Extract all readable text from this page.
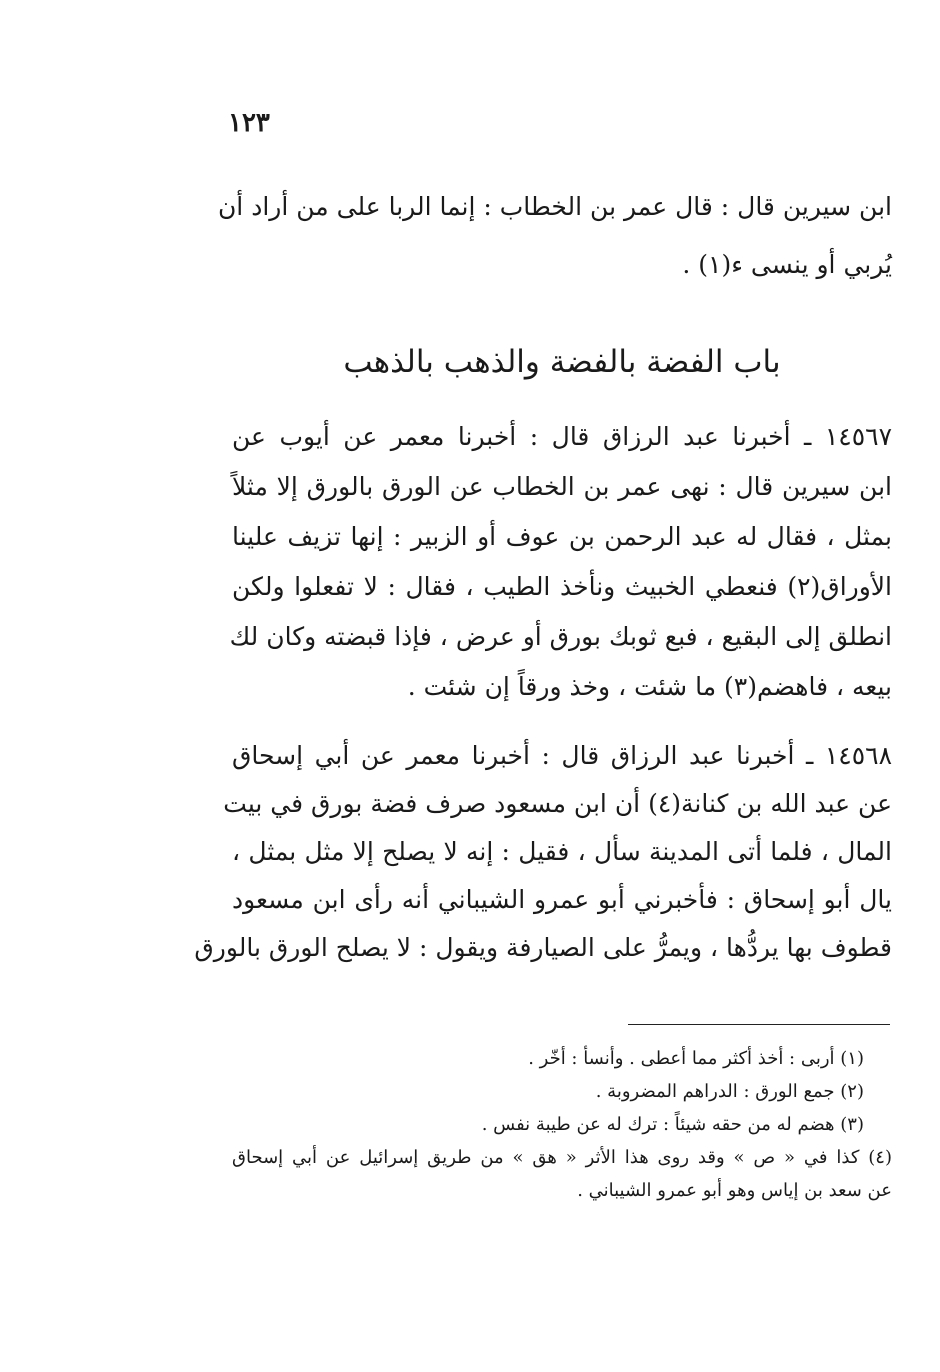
١٢٣
ابن سيرين قال : قال عمر بن الخطاب : إنما الربا على من أراد أن
يُربي أو ينسى ء(١) .
باب الفضة بالفضة والذهب بالذهب
١٤٥٦٧ ـ أخبرنا عبد الرزاق قال : أخبرنا معمر عن أيوب عن
ابن سيرين قال : نهى عمر بن الخطاب عن الورق بالورق إلا مثلاً
بمثل ، فقال له عبد الرحمن بن عوف أو الزبير : إنها تزيف علينا
الأوراق(٢) فنعطي الخبيث ونأخذ الطيب ، فقال : لا تفعلوا ولكن
انطلق إلى البقيع ، فبع ثوبك بورق أو عرض ، فإذا قبضته وكان لك
بيعه ، فاهضم(٣) ما شئت ، وخذ ورقاً إن شئت .
١٤٥٦٨ ـ أخبرنا عبد الرزاق قال : أخبرنا معمر عن أبي إسحاق
عن عبد الله بن كنانة(٤) أن ابن مسعود صرف فضة بورق في بيت
المال ، فلما أتى المدينة سأل ، فقيل : إنه لا يصلح إلا مثل بمثل ،
يال أبو إسحاق : فأخبرني أبو عمرو الشيباني أنه رأى ابن مسعود
قطوف بها يردُّها ، ويمرُّ على الصيارفة ويقول : لا يصلح الورق بالورق
(١) أربى : أخذ أكثر مما أعطى . وأنسأ : أخّر .
(٢) جمع الورق : الدراهم المضروبة .
(٣) هضم له من حقه شيئاً : ترك له عن طيبة نفس .
(٤) كذا في « ص » وقد روى هذا الأثر « هق » من طريق إسرائيل عن أبي إسحاق
عن سعد بن إياس وهو أبو عمرو الشيباني .
